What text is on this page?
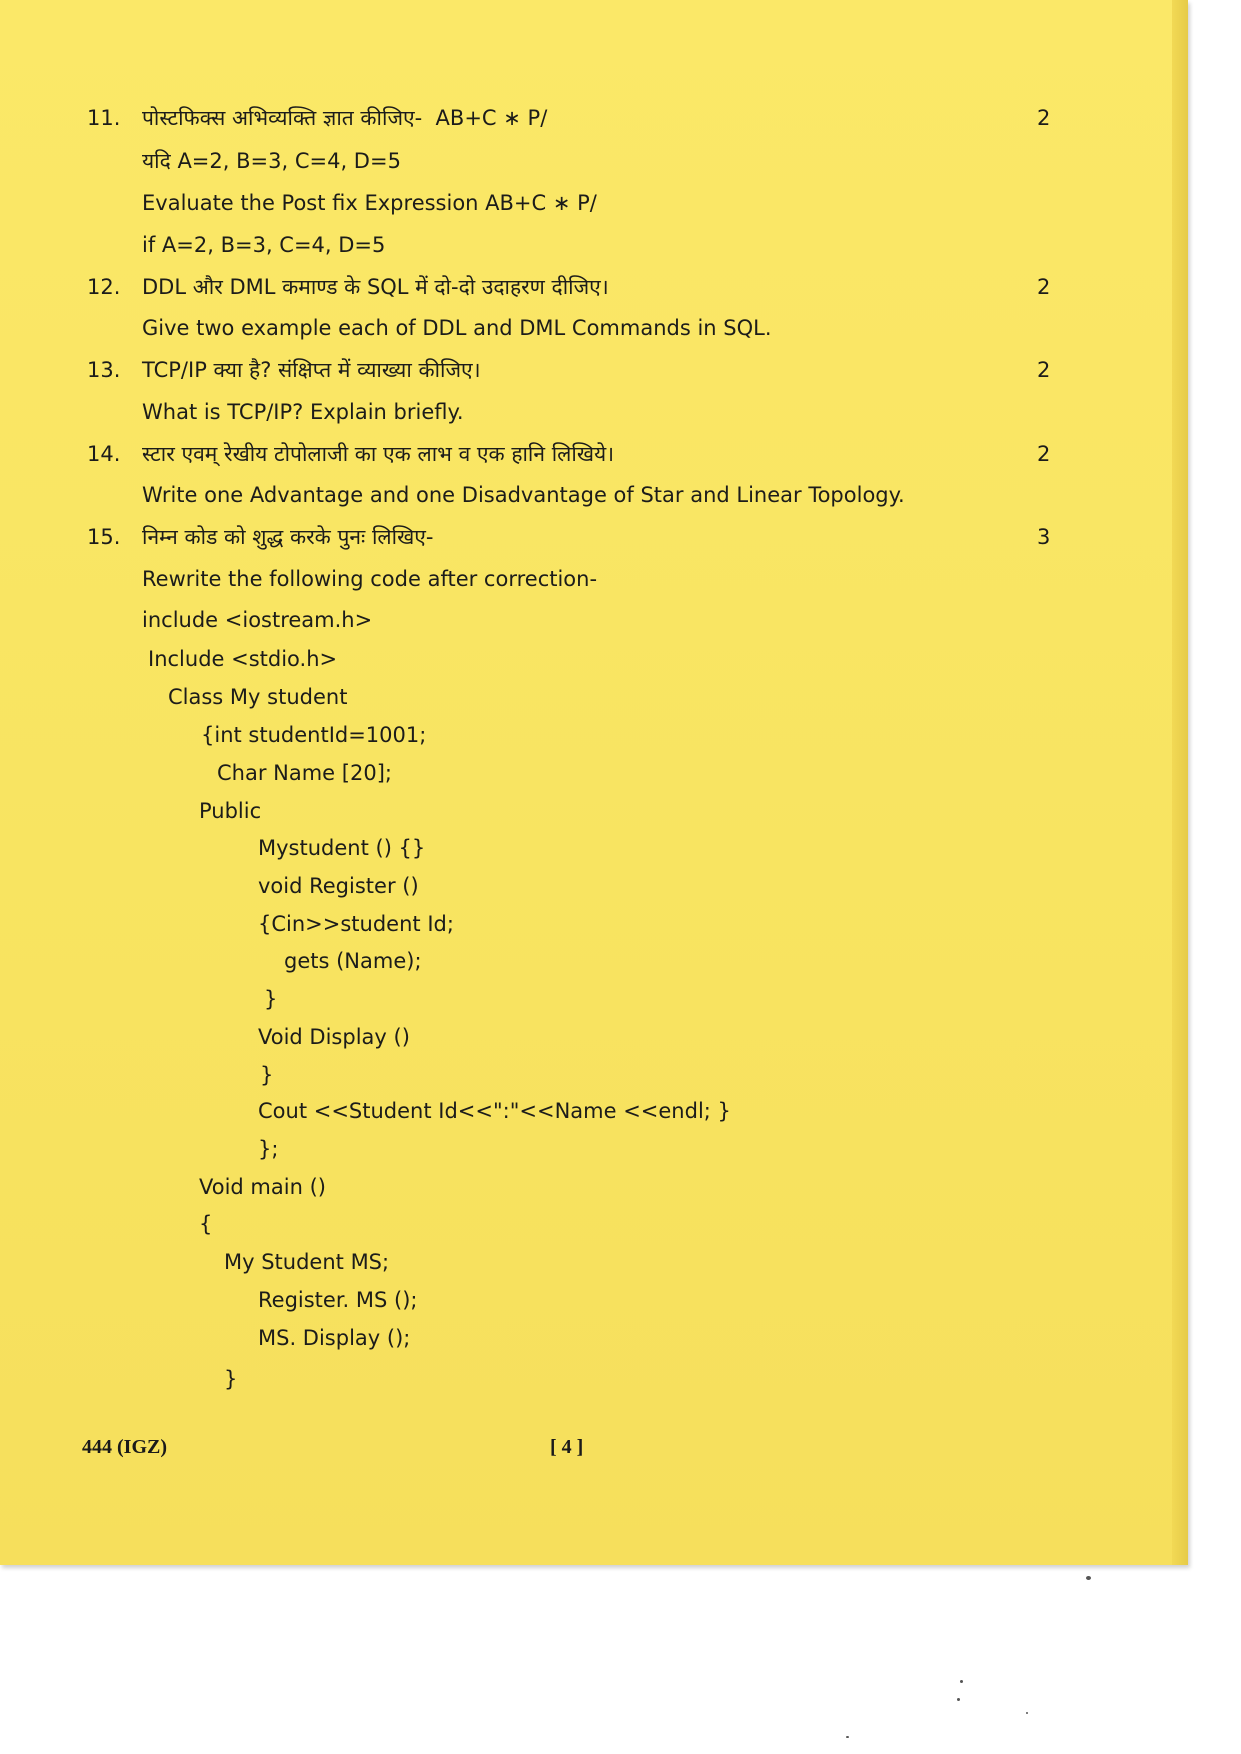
11.	2
पोस्टफिक्स अभिव्यक्ति ज्ञात कीजिए-  AB+C ∗ P/
यदि A=2, B=3, C=4, D=5
Evaluate the Post fix Expression AB+C ∗ P/
if A=2, B=3, C=4, D=5
12.	2
DDL और DML कमाण्ड के SQL में दो-दो उदाहरण दीजिए।
Give two example each of DDL and DML Commands in SQL.
13.	2
TCP/IP क्या है? संक्षिप्त में व्याख्या कीजिए।
What is TCP/IP? Explain briefly.
14.	2
स्टार एवम् रेखीय टोपोलाजी का एक लाभ व एक हानि लिखिये।
Write one Advantage and one Disadvantage of Star and Linear Topology.
15.	3
निम्न कोड को शुद्ध करके पुनः लिखिए-
Rewrite the following code after correction-
include <iostream.h>
Include <stdio.h>
Class My student
{int studentId=1001;
Char Name [20];
Public
Mystudent () {}
void Register ()
{Cin>>student Id;
gets (Name);
}
Void Display ()
}
Cout <<Student Id<<":"<<Name <<endl; }
};
Void main ()
{
My Student MS;
Register. MS ();
MS. Display ();
}
444 (IGZ)	[ 4 ]
